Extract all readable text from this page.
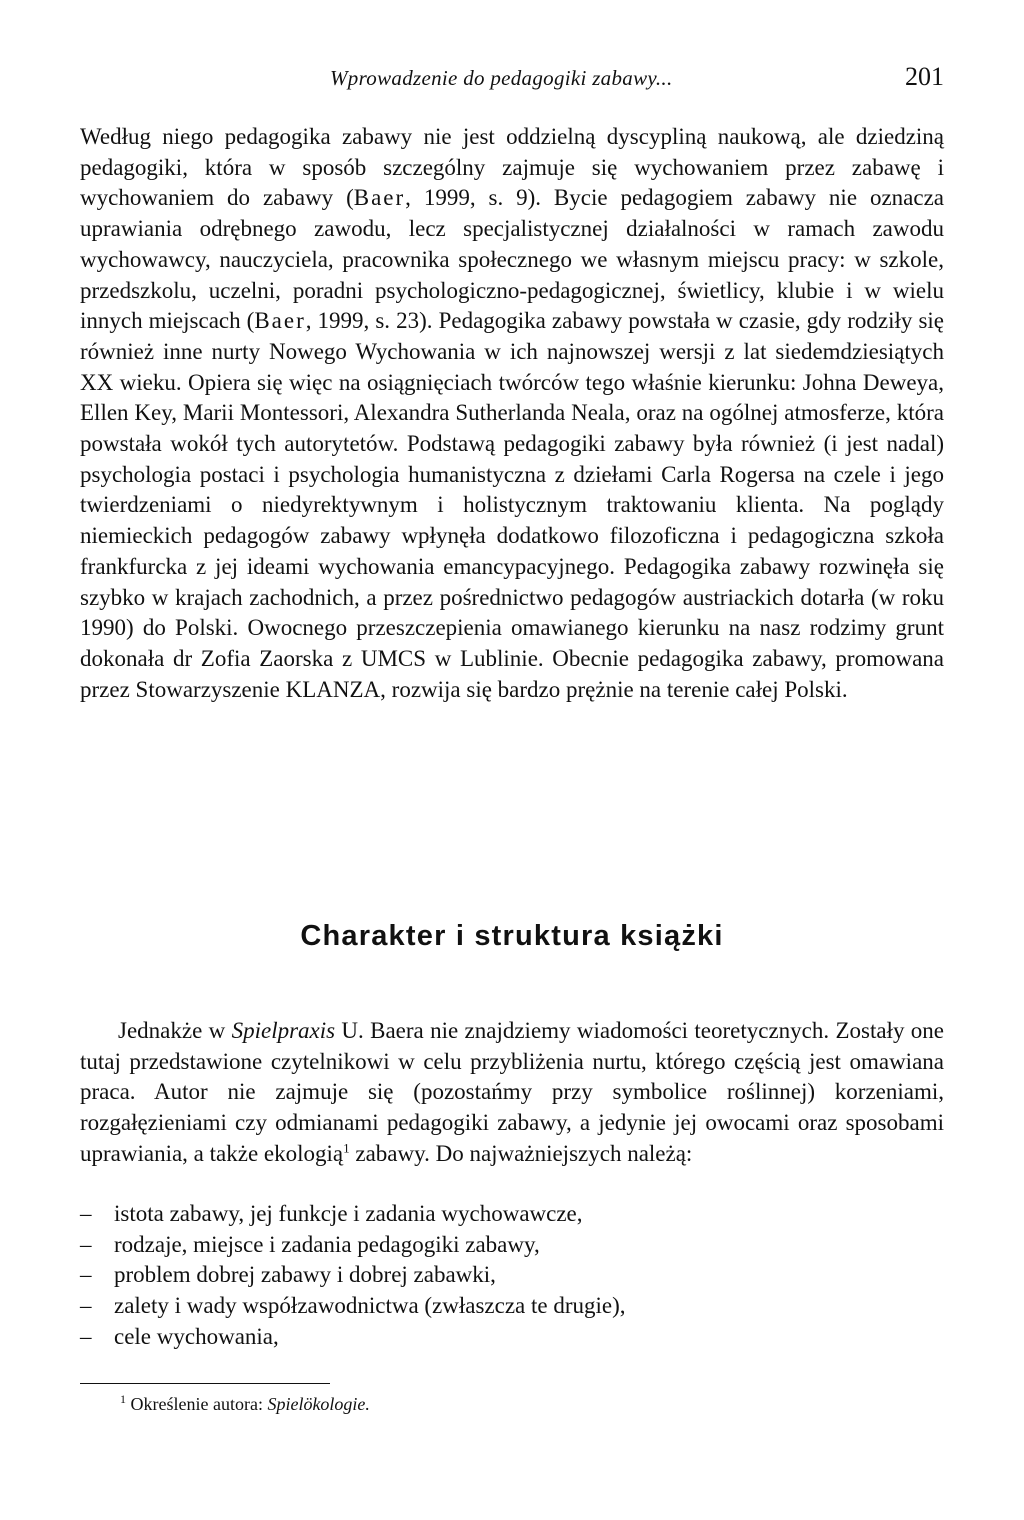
Wprowadzenie do pedagogiki zabawy...	201

Według niego pedagogika zabawy nie jest oddzielną dyscypliną naukową, ale dziedziną pedagogiki, która w sposób szczególny zajmuje się wychowaniem przez zabawę i wychowaniem do zabawy (Baer, 1999, s. 9). Bycie pedagogiem zabawy nie oznacza uprawiania odrębnego zawodu, lecz specjalistycznej działalności w ramach zawodu wychowawcy, nauczyciela, pracownika społecznego we własnym miejscu pracy: w szkole, przedszkolu, uczelni, poradni psychologiczno-pedagogicznej, świetlicy, klubie i w wielu innych miejscach (Baer, 1999, s. 23). Pedagogika zabawy powstała w czasie, gdy rodziły się również inne nurty Nowego Wychowania w ich najnowszej wersji z lat siedemdziesiątych XX wieku. Opiera się więc na osiągnięciach twórców tego właśnie kierunku: Johna Deweya, Ellen Key, Marii Montessori, Alexandra Sutherlanda Neala, oraz na ogólnej atmosferze, która powstała wokół tych autorytetów. Podstawą pedagogiki zabawy była również (i jest nadal) psychologia postaci i psychologia humanistyczna z dziełami Carla Rogersa na czele i jego twierdzeniami o niedyrektywnym i holistycznym traktowaniu klienta. Na poglądy niemieckich pedagogów zabawy wpłynęła dodatkowo filozoficzna i pedagogiczna szkoła frankfurcka z jej ideami wychowania emancypacyjnego. Pedagogika zabawy rozwinęła się szybko w krajach zachodnich, a przez pośrednictwo pedagogów austriackich dotarła (w roku 1990) do Polski. Owocnego przeszczepienia omawianego kierunku na nasz rodzimy grunt dokonała dr Zofia Zaorska z UMCS w Lublinie. Obecnie pedagogika zabawy, promowana przez Stowarzyszenie KLANZA, rozwija się bardzo prężnie na terenie całej Polski.

Charakter i struktura książki

Jednakże w Spielpraxis U. Baera nie znajdziemy wiadomości teoretycznych. Zostały one tutaj przedstawione czytelnikowi w celu przybliżenia nurtu, którego częścią jest omawiana praca. Autor nie zajmuje się (pozostańmy przy symbolice roślinnej) korzeniami, rozgałęzieniami czy odmianami pedagogiki zabawy, a jedynie jej owocami oraz sposobami uprawiania, a także ekologią$^1$ zabawy. Do najważniejszych należą:

– istota zabawy, jej funkcje i zadania wychowawcze,
– rodzaje, miejsce i zadania pedagogiki zabawy,
– problem dobrej zabawy i dobrej zabawki,
– zalety i wady współzawodnictwa (zwłaszcza te drugie),
– cele wychowania,
$^1$ Określenie autora: Spielökologie.
